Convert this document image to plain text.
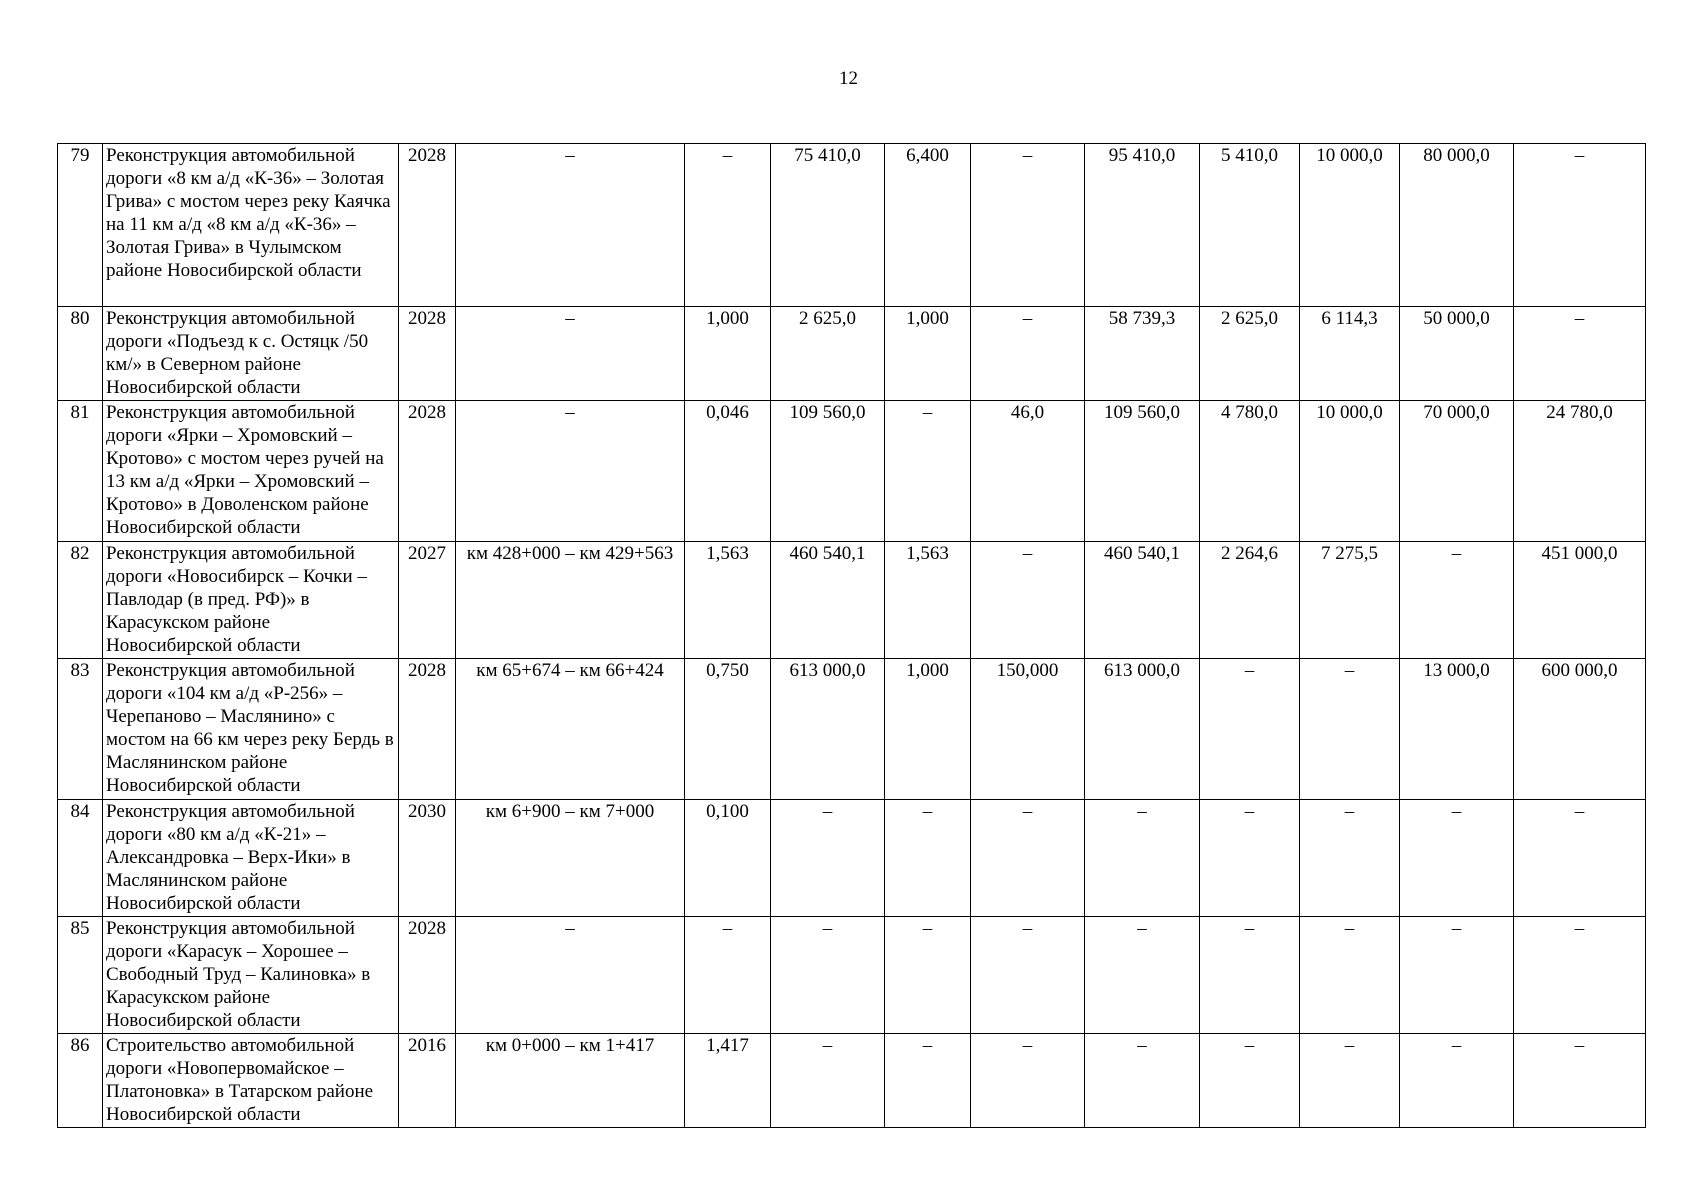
12
79	Реконструкция автомобильной дороги «8 км а/д «К-36» – Золотая Грива» с мостом через реку Каячка на 11 км а/д «8 км а/д «К-36» – Золотая Грива» в Чулымском районе Новосибирской области	2028	–	–	75 410,0	6,400	–	95 410,0	5 410,0	10 000,0	80 000,0	–
80	Реконструкция автомобильной дороги «Подъезд к с. Остяцк /50 км/» в Северном районе Новосибирской области	2028	–	1,000	2 625,0	1,000	–	58 739,3	2 625,0	6 114,3	50 000,0	–
81	Реконструкция автомобильной дороги «Ярки – Хромовский – Кротово» с мостом через ручей на 13 км а/д «Ярки – Хромовский – Кротово» в Доволенском районе Новосибирской области	2028	–	0,046	109 560,0	–	46,0	109 560,0	4 780,0	10 000,0	70 000,0	24 780,0
82	Реконструкция автомобильной дороги «Новосибирск – Кочки – Павлодар (в пред. РФ)» в Карасукском районе Новосибирской области	2027	км 428+000 – км 429+563	1,563	460 540,1	1,563	–	460 540,1	2 264,6	7 275,5	–	451 000,0
83	Реконструкция автомобильной дороги «104 км а/д «Р-256» – Черепаново – Маслянино» с мостом на 66 км через реку Бердь в Маслянинском районе Новосибирской области	2028	км 65+674 – км 66+424	0,750	613 000,0	1,000	150,000	613 000,0	–	–	13 000,0	600 000,0
84	Реконструкция автомобильной дороги «80 км а/д «К-21» – Александровка – Верх-Ики» в Маслянинском районе Новосибирской области	2030	км 6+900 – км 7+000	0,100	–	–	–	–	–	–	–	–
85	Реконструкция автомобильной дороги «Карасук – Хорошее – Свободный Труд – Калиновка» в Карасукском районе Новосибирской области	2028	–	–	–	–	–	–	–	–	–	–
86	Строительство автомобильной дороги «Новопервомайское – Платоновка» в Татарском районе Новосибирской области	2016	км 0+000 – км 1+417	1,417	–	–	–	–	–	–	–	–
